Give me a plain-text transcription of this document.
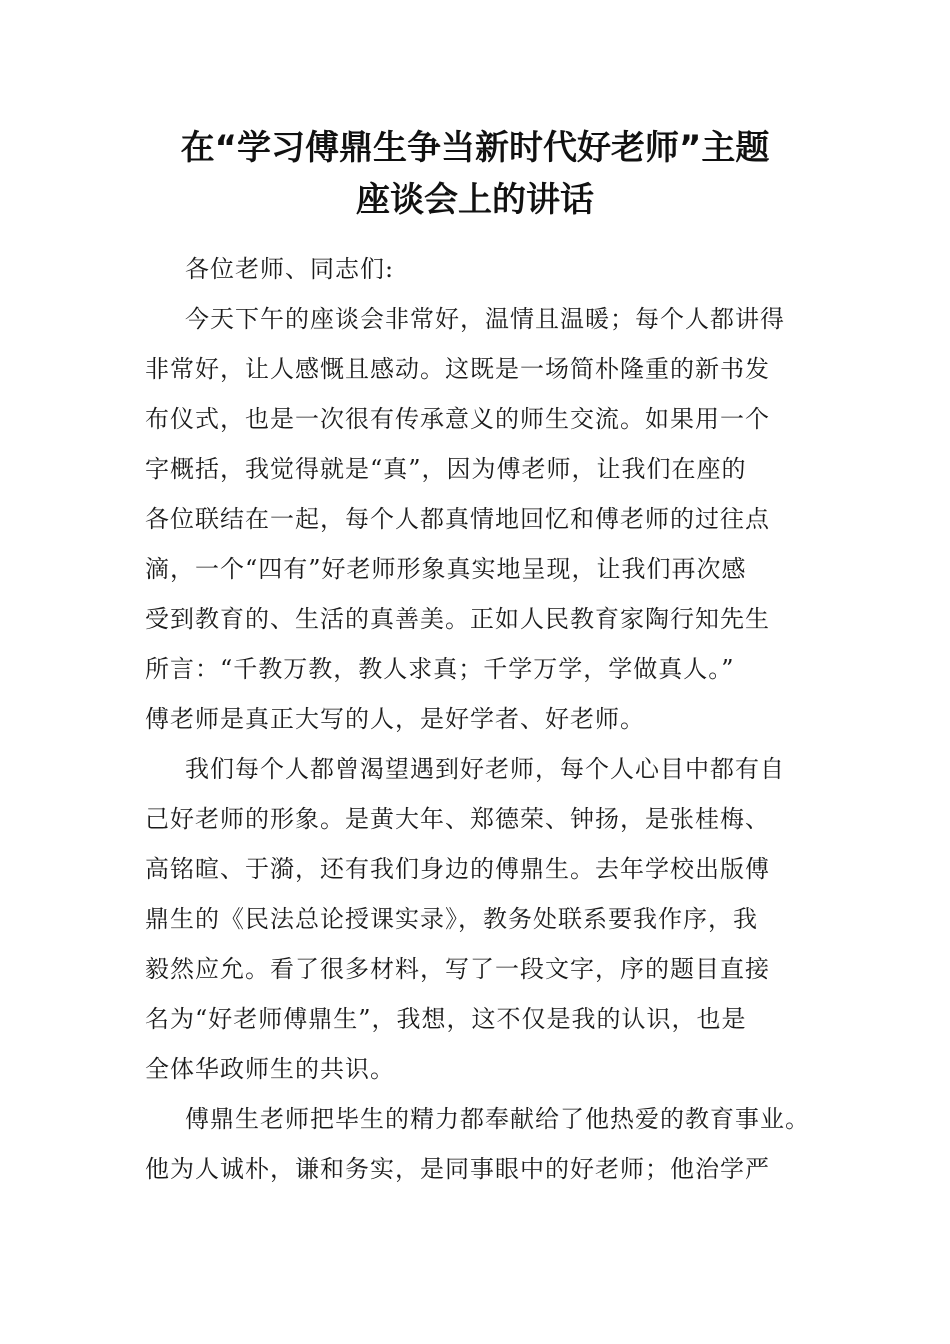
在“学习傅鼎生争当新时代好老师”主题
座谈会上的讲话
各位老师、同志们:
今天下午的座谈会非常好，温情且温暖；每个人都讲得
非常好，让人感慨且感动。这既是一场简朴隆重的新书发
布仪式，也是一次很有传承意义的师生交流。如果用一个
字概括，我觉得就是“真”，因为傅老师，让我们在座的
各位联结在一起，每个人都真情地回忆和傅老师的过往点
滴，一个“四有”好老师形象真实地呈现，让我们再次感
受到教育的、生活的真善美。正如人民教育家陶行知先生
所言：“千教万教，教人求真；千学万学，学做真人。”
傅老师是真正大写的人，是好学者、好老师。
我们每个人都曾渴望遇到好老师，每个人心目中都有自
己好老师的形象。是黄大年、郑德荣、钟扬，是张桂梅、
高铭暄、于漪，还有我们身边的傅鼎生。去年学校出版傅
鼎生的《民法总论授课实录》，教务处联系要我作序，我
毅然应允。看了很多材料，写了一段文字，序的题目直接
名为“好老师傅鼎生”，我想，这不仅是我的认识，也是
全体华政师生的共识。
傅鼎生老师把毕生的精力都奉献给了他热爱的教育事业。
他为人诚朴，谦和务实，是同事眼中的好老师；他治学严
